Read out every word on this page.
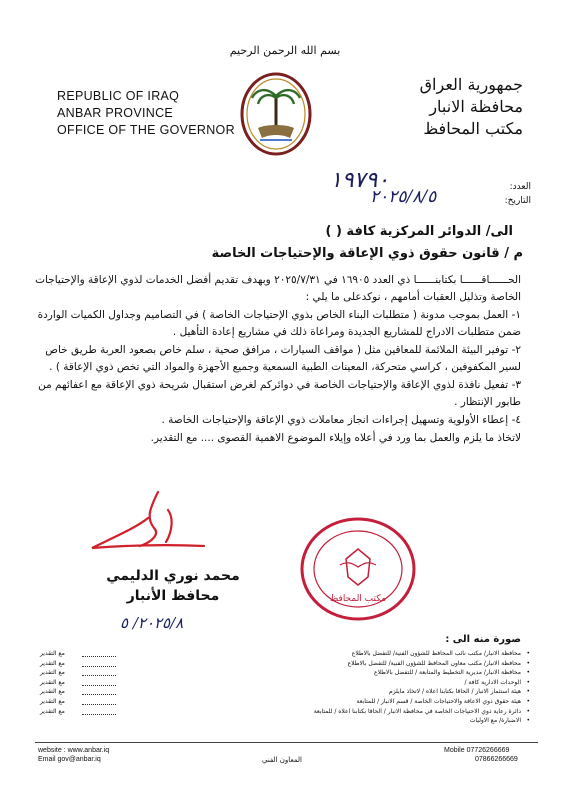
بسم الله الرحمن الرحيم
REPUBLIC OF IRAQ
ANBAR PROVINCE
OFFICE OF THE GOVERNOR
جمهورية العراق
محافظة الانبار
مكتب المحافظ
العدد:
التاريخ:
١٩٧٩٠
٢٠٢٥/٨/٥
الى/ الدوائر المركزية كافة ( )
م / قانون حقوق ذوي الإعاقة والإحتياجات الخاصة

الحــــــاقــــــا بكتابنــــــا ذي العدد ١٦٩٠٥ في ٢٠٢٥/٧/٣١ وبهدف تقديم أفضل الخدمات لذوي الإعاقة والإحتياجات الخاصة وتذليل العقبات أمامهم ، نوكدعلى ما يلي :

١- العمل بموجب مدونة ( متطلبات البناء الخاص بذوي الإحتياجات الخاصة ) في التصاميم وجداول الكميات الواردة ضمن متطلبات الادراج للمشاريع الجديدة ومراعاة ذلك في مشاريع إعادة التأهيل .

٢- توفير البيئة الملائمة للمعاقين مثل ( مواقف السيارات ، مرافق صحية ، سلم خاص بصعود العربة طريق خاص لسير المكفوفين ، كراسي متحركة، المعينات الطبية السمعية وجميع الأجهزة والمواد التي تخص ذوي الإعاقة ) .

٣- تفعيل نافذة لذوي الإعاقة والإحتياجات الخاصة في دوائركم لغرض استقبال شريحة ذوي الإعاقة مع اعفائهم من طابور الإنتظار .

٤- إعطاء الأولوية وتسهيل إجراءات انجاز معاملات ذوي الإعاقة والإحتياجات الخاصة .

لاتخاذ ما يلزم والعمل بما ورد في أعلاه وإيلاء الموضوع الاهمية القصوى .... مع التقدير.

محمد نوري الدليمي
محافظ الأنبار
٢٠٢٥/٨/ ٥
مكتب المحافظ
صورة منه الى :
•
محافظة الانبار/ مكتب نائب المحافظ للشؤون الفنية/ للتفضل بالاطلاع
مع التقدير
•
محافظة الانبار/ مكتب معاون المحافظ للشؤون الفنية/ للتفضل بالاطلاع
مع التقدير
•
محافظة الانبار/ مديرية التخطيط والمتابعة / للتفضل بالاطلاع
مع التقدير
•
الوحدات الادارية كافة /
مع التقدير
•
هيئة استثمار الانبار / الحاقا بكتابنا اعلاه / لاتخاذ مايلزم
مع التقدير
•
هيئة حقوق ذوي الاعاقة والاحتياجات الخاصة / قسم الانبار / للمتابعة
مع التقدير
•
دائرة رعاية ذوي الاحتياجات الخاصة في محافظة الانبار / الحاقا بكتابنا اعلاه / للمتابعة
مع التقدير
•
الاضبارة/ مع الاوليات
website : www.anbar.iq
Email gov@anbar.iq	المعاون الفني
Mobile 07726266669
07866266669
